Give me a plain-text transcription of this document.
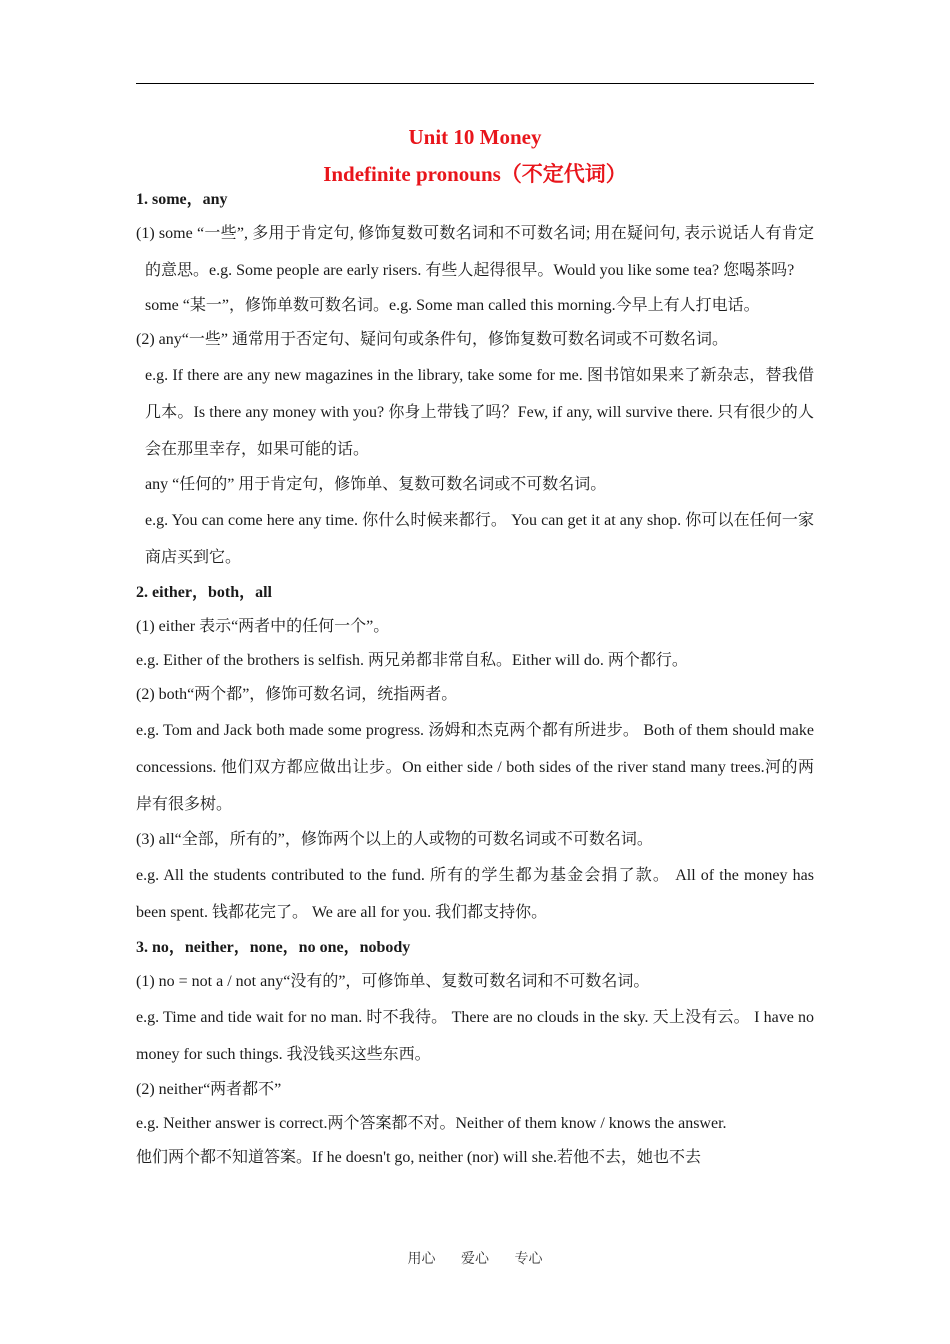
Unit 10 Money
Indefinite pronouns（不定代词）

1. some，any

(1) some “一些”, 多用于肯定句, 修饰复数可数名词和不可数名词; 用在疑问句, 表示说话人有肯定的意思。e.g. Some people are early risers. 有些人起得很早。Would you like some tea? 您喝茶吗?

some “某一”，修饰单数可数名词。e.g. Some man called this morning.今早上有人打电话。

(2) any“一些” 通常用于否定句、疑问句或条件句，修饰复数可数名词或不可数名词。

e.g. If there are any new magazines in the library, take some for me. 图书馆如果来了新杂志，替我借几本。Is there any money with you? 你身上带钱了吗？Few, if any, will survive there. 只有很少的人会在那里幸存，如果可能的话。

any “任何的” 用于肯定句，修饰单、复数可数名词或不可数名词。

e.g. You can come here any time. 你什么时候来都行。 You can get it at any shop. 你可以在任何一家商店买到它。

2. either，both，all

(1) either 表示“两者中的任何一个”。

e.g. Either of the brothers is selfish. 两兄弟都非常自私。Either will do. 两个都行。

(2) both“两个都”，修饰可数名词，统指两者。

e.g. Tom and Jack both made some progress. 汤姆和杰克两个都有所进步。 Both of them should make concessions. 他们双方都应做出让步。On either side / both sides of the river stand many trees.河的两岸有很多树。

(3) all“全部，所有的”，修饰两个以上的人或物的可数名词或不可数名词。

e.g. All the students contributed to the fund. 所有的学生都为基金会捐了款。 All of the money has been spent. 钱都花完了。 We are all for you. 我们都支持你。

3. no，neither，none，no one，nobody

(1) no = not a / not any“没有的”，可修饰单、复数可数名词和不可数名词。

e.g. Time and tide wait for no man. 时不我待。 There are no clouds in the sky. 天上没有云。 I have no money for such things. 我没钱买这些东西。

(2) neither“两者都不”

e.g. Neither answer is correct.两个答案都不对。Neither of them know / knows the answer.

他们两个都不知道答案。If he doesn't go, neither (nor) will she.若他不去，她也不去

用心 爱心 专心
